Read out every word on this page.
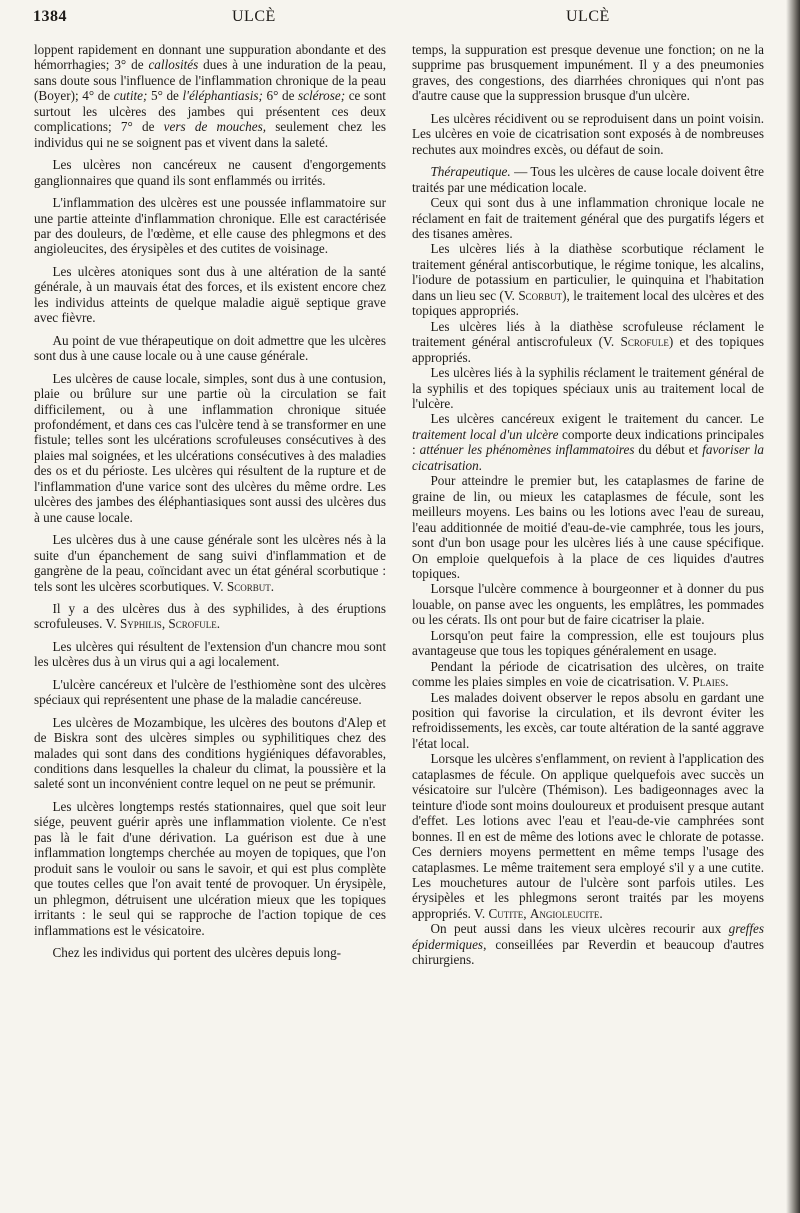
1384	ULCÈ	ULCÈ

loppent rapidement en donnant une suppuration abondante et des hémorrhagies; 3° de callosités dues à une induration de la peau, sans doute sous l'influence de l'inflammation chronique de la peau (Boyer); 4° de cutite; 5° de l'éléphantiasis; 6° de sclérose; ce sont surtout les ulcères des jambes qui présentent ces deux complications; 7° de vers de mouches, seulement chez les individus qui ne se soignent pas et vivent dans la saleté.

Les ulcères non cancéreux ne causent d'engorgements ganglionnaires que quand ils sont enflammés ou irrités.

L'inflammation des ulcères est une poussée inflammatoire sur une partie atteinte d'inflammation chronique. Elle est caractérisée par des douleurs, de l'œdème, et elle cause des phlegmons et des angioleucites, des érysipèles et des cutites de voisinage.

Les ulcères atoniques sont dus à une altération de la santé générale, à un mauvais état des forces, et ils existent encore chez les individus atteints de quelque maladie aiguë septique grave avec fièvre.

Au point de vue thérapeutique on doit admettre que les ulcères sont dus à une cause locale ou à une cause générale.

Les ulcères de cause locale, simples, sont dus à une contusion, plaie ou brûlure sur une partie où la circulation se fait difficilement, ou à une inflammation chronique située profondément, et dans ces cas l'ulcère tend à se transformer en une fistule; telles sont les ulcérations scrofuleuses consécutives à des plaies mal soignées, et les ulcérations consécutives à des maladies des os et du périoste. Les ulcères qui résultent de la rupture et de l'inflammation d'une varice sont des ulcères du même ordre. Les ulcères des jambes des éléphantiasiques sont aussi des ulcères dus à une cause locale.

Les ulcères dus à une cause générale sont les ulcères nés à la suite d'un épanchement de sang suivi d'inflammation et de gangrène de la peau, coïncidant avec un état général scorbutique : tels sont les ulcères scorbutiques. V. Scorbut.

Il y a des ulcères dus à des syphilides, à des éruptions scrofuleuses. V. Syphilis, Scrofule.

Les ulcères qui résultent de l'extension d'un chancre mou sont les ulcères dus à un virus qui a agi localement.

L'ulcère cancéreux et l'ulcère de l'esthiomène sont des ulcères spéciaux qui représentent une phase de la maladie cancéreuse.

Les ulcères de Mozambique, les ulcères des boutons d'Alep et de Biskra sont des ulcères simples ou syphilitiques chez des malades qui sont dans des conditions hygiéniques défavorables, conditions dans lesquelles la chaleur du climat, la poussière et la saleté sont un inconvénient contre lequel on ne peut se prémunir.

Les ulcères longtemps restés stationnaires, quel que soit leur siége, peuvent guérir après une inflammation violente. Ce n'est pas là le fait d'une dérivation. La guérison est due à une inflammation longtemps cherchée au moyen de topiques, que l'on produit sans le vouloir ou sans le savoir, et qui est plus complète que toutes celles que l'on avait tenté de provoquer. Un érysipèle, un phlegmon, détruisent une ulcération mieux que les topiques irritants : le seul qui se rapproche de l'action topique de ces inflammations est le vésicatoire.

Chez les individus qui portent des ulcères depuis long-

temps, la suppuration est presque devenue une fonction; on ne la supprime pas brusquement impunément. Il y a des pneumonies graves, des congestions, des diarrhées chroniques qui n'ont pas d'autre cause que la suppression brusque d'un ulcère.

Les ulcères récidivent ou se reproduisent dans un point voisin. Les ulcères en voie de cicatrisation sont exposés à de nombreuses rechutes aux moindres excès, ou défaut de soin.

Thérapeutique. — Tous les ulcères de cause locale doivent être traités par une médication locale.

Ceux qui sont dus à une inflammation chronique locale ne réclament en fait de traitement général que des purgatifs légers et des tisanes amères.

Les ulcères liés à la diathèse scorbutique réclament le traitement général antiscorbutique, le régime tonique, les alcalins, l'iodure de potassium en particulier, le quinquina et l'habitation dans un lieu sec (V. Scorbut), le traitement local des ulcères et des topiques appropriés.

Les ulcères liés à la diathèse scrofuleuse réclament le traitement général antiscrofuleux (V. Scrofule) et des topiques appropriés.

Les ulcères liés à la syphilis réclament le traitement général de la syphilis et des topiques spéciaux unis au traitement local de l'ulcère.

Les ulcères cancéreux exigent le traitement du cancer. Le traitement local d'un ulcère comporte deux indications principales : atténuer les phénomènes inflammatoires du début et favoriser la cicatrisation.

Pour atteindre le premier but, les cataplasmes de farine de graine de lin, ou mieux les cataplasmes de fécule, sont les meilleurs moyens. Les bains ou les lotions avec l'eau de sureau, l'eau additionnée de moitié d'eau-de-vie camphrée, tous les jours, sont d'un bon usage pour les ulcères liés à une cause spécifique. On emploie quelquefois à la place de ces liquides d'autres topiques.

Lorsque l'ulcère commence à bourgeonner et à donner du pus louable, on panse avec les onguents, les emplâtres, les pommades ou les cérats. Ils ont pour but de faire cicatriser la plaie.

Lorsqu'on peut faire la compression, elle est toujours plus avantageuse que tous les topiques généralement en usage.

Pendant la période de cicatrisation des ulcères, on traite comme les plaies simples en voie de cicatrisation. V. Plaies.

Les malades doivent observer le repos absolu en gardant une position qui favorise la circulation, et ils devront éviter les refroidissements, les excès, car toute altération de la santé aggrave l'état local.

Lorsque les ulcères s'enflamment, on revient à l'application des cataplasmes de fécule. On applique quelquefois avec succès un vésicatoire sur l'ulcère (Thémison). Les badigeonnages avec la teinture d'iode sont moins douloureux et produisent presque autant d'effet. Les lotions avec l'eau et l'eau-de-vie camphrées sont bonnes. Il en est de même des lotions avec le chlorate de potasse. Ces derniers moyens permettent en même temps l'usage des cataplasmes. Le même traitement sera employé s'il y a une cutite. Les mouchetures autour de l'ulcère sont parfois utiles. Les érysipèles et les phlegmons seront traités par les moyens appropriés. V. Cutite, Angioleucite.

On peut aussi dans les vieux ulcères recourir aux greffes épidermiques, conseillées par Reverdin et beaucoup d'autres chirurgiens.
